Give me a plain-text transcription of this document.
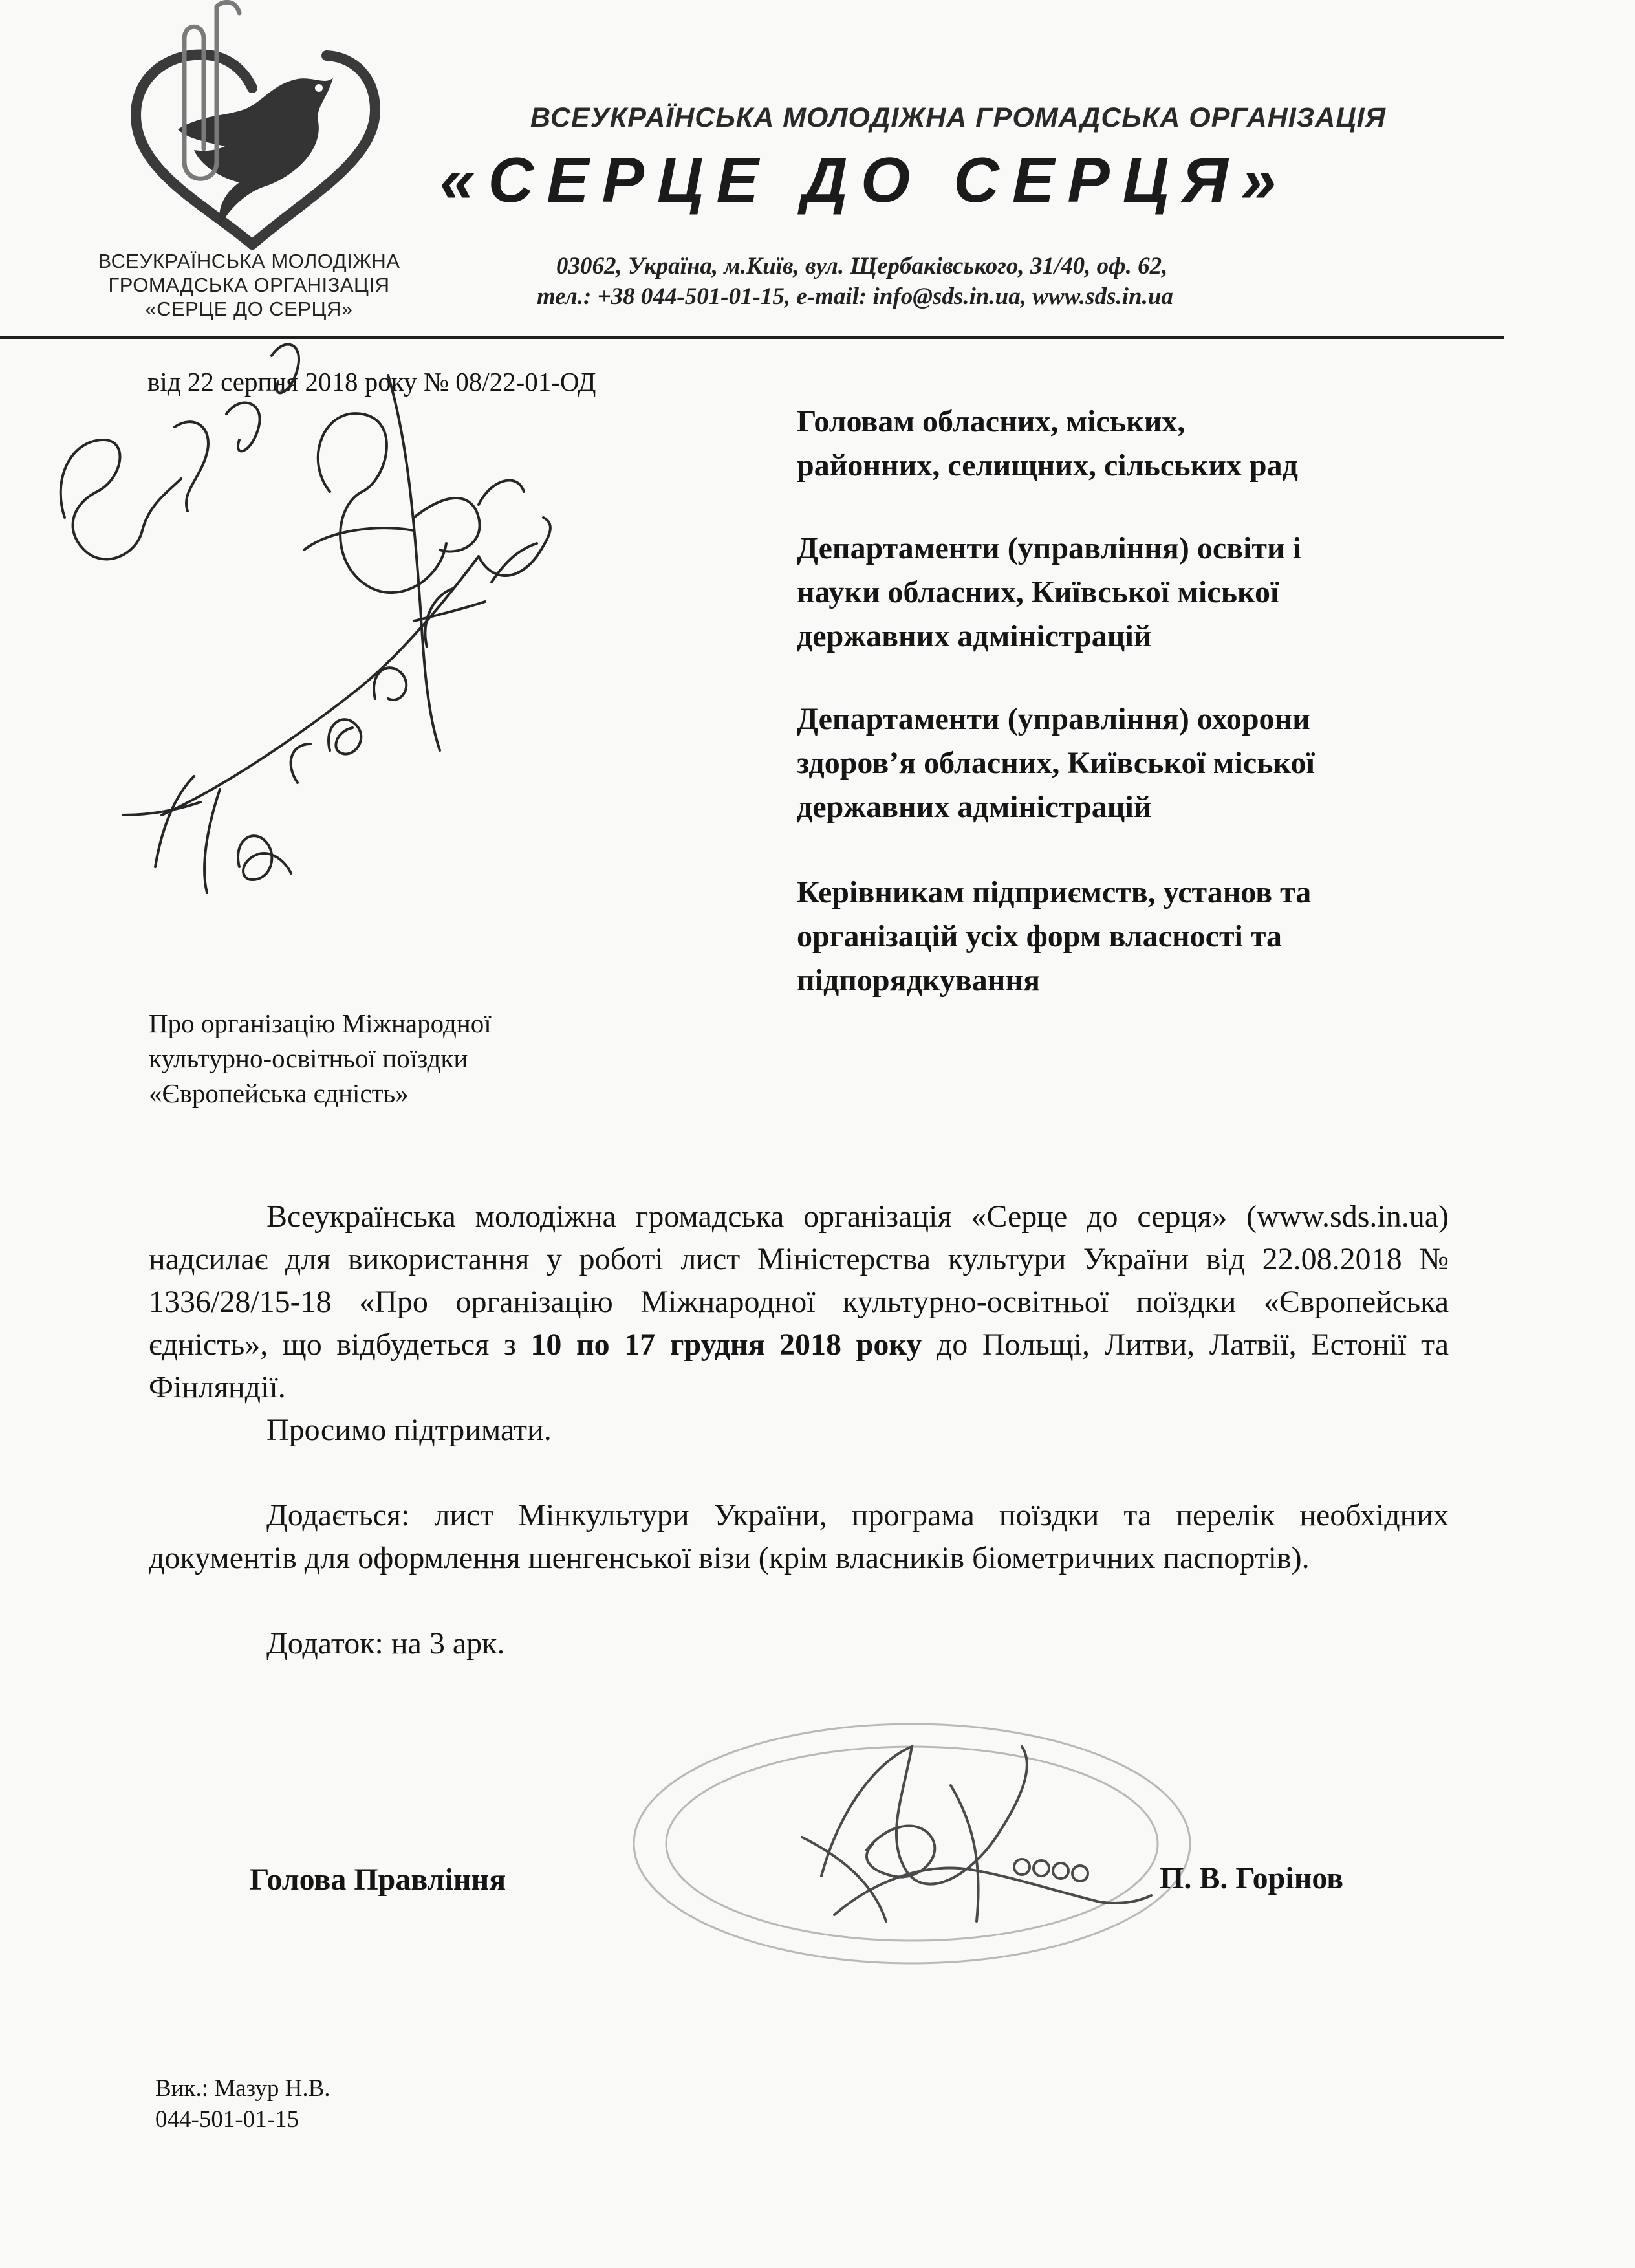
ВСЕУКРАЇНСЬКА МОЛОДІЖНА
ГРОМАДСЬКА ОРГАНІЗАЦІЯ
«СЕРЦЕ ДО СЕРЦЯ»
ВСЕУКРАЇНСЬКА МОЛОДІЖНА ГРОМАДСЬКА ОРГАНІЗАЦІЯ
«СЕРЦЕ ДО СЕРЦЯ»
03062, Україна, м.Київ, вул. Щербаківського, 31/40, оф. 62,
тел.: +38 044-501-01-15, e-mail: info@sds.in.ua, www.sds.in.ua
від 22 серпня 2018 року № 08/22-01-ОД
Головам обласних, міських,
районних, селищних, сільських рад
Департаменти (управління) освіти і
науки обласних, Київської міської
державних адміністрацій
Департаменти (управління) охорони
здоров’я обласних, Київської міської
державних адміністрацій
Керівникам підприємств, установ та
організацій усіх форм власності та
підпорядкування
Про організацію Міжнародної
культурно-освітньої поїздки
«Європейська єдність»

Всеукраїнська молодіжна громадська організація «Серце до серця» (www.sds.in.ua) надсилає для використання у роботі лист Міністерства культури України від 22.08.2018 № 1336/28/15-18 «Про організацію Міжнародної культурно-освітньої поїздки «Європейська єдність», що відбудеться з 10 по 17 грудня 2018 року до Польщі, Литви, Латвії, Естонії та Фінляндії.

Просимо підтримати.

Додається: лист Мінкультури України, програма поїздки та перелік необхідних документів для оформлення шенгенської візи (крім власників біометричних паспортів).

Додаток: на 3 арк.

Голова Правління	П. В. Горінов
Вик.: Мазур Н.В.
044-501-01-15
